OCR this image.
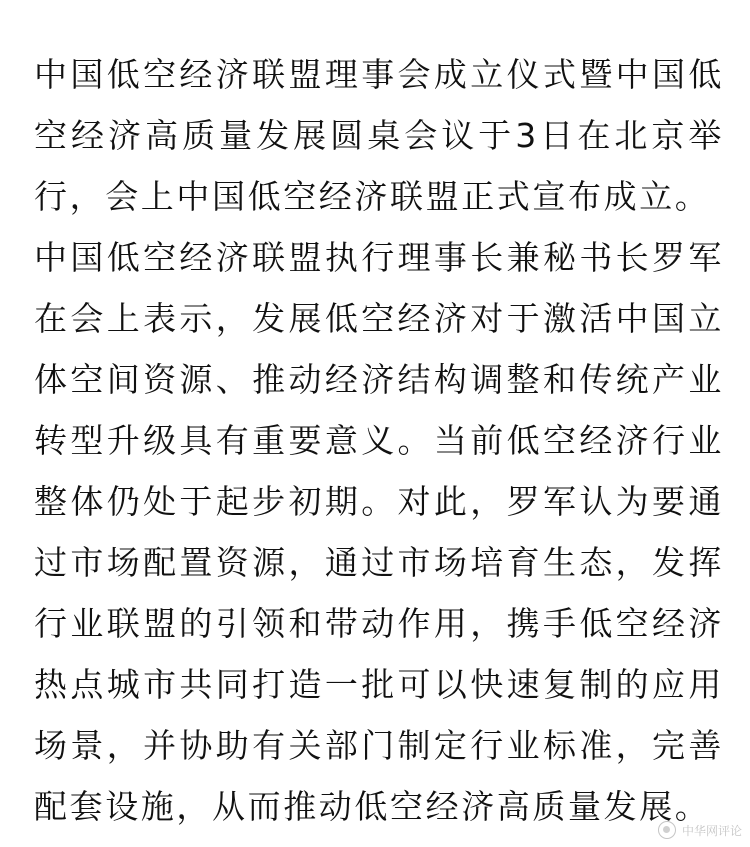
中国低空经济联盟理事会成立仪式暨中国低空经济高质量发展圆桌会议于3日在北京举行，会上中国低空经济联盟正式宣布成立。

中国低空经济联盟执行理事长兼秘书长罗军在会上表示，发展低空经济对于激活中国立体空间资源、推动经济结构调整和传统产业转型升级具有重要意义。当前低空经济行业整体仍处于起步初期。对此，罗军认为要通过市场配置资源，通过市场培育生态，发挥行业联盟的引领和带动作用，携手低空经济热点城市共同打造一批可以快速复制的应用场景，并协助有关部门制定行业标准，完善配套设施，从而推动低空经济高质量发展。

中华网评论
